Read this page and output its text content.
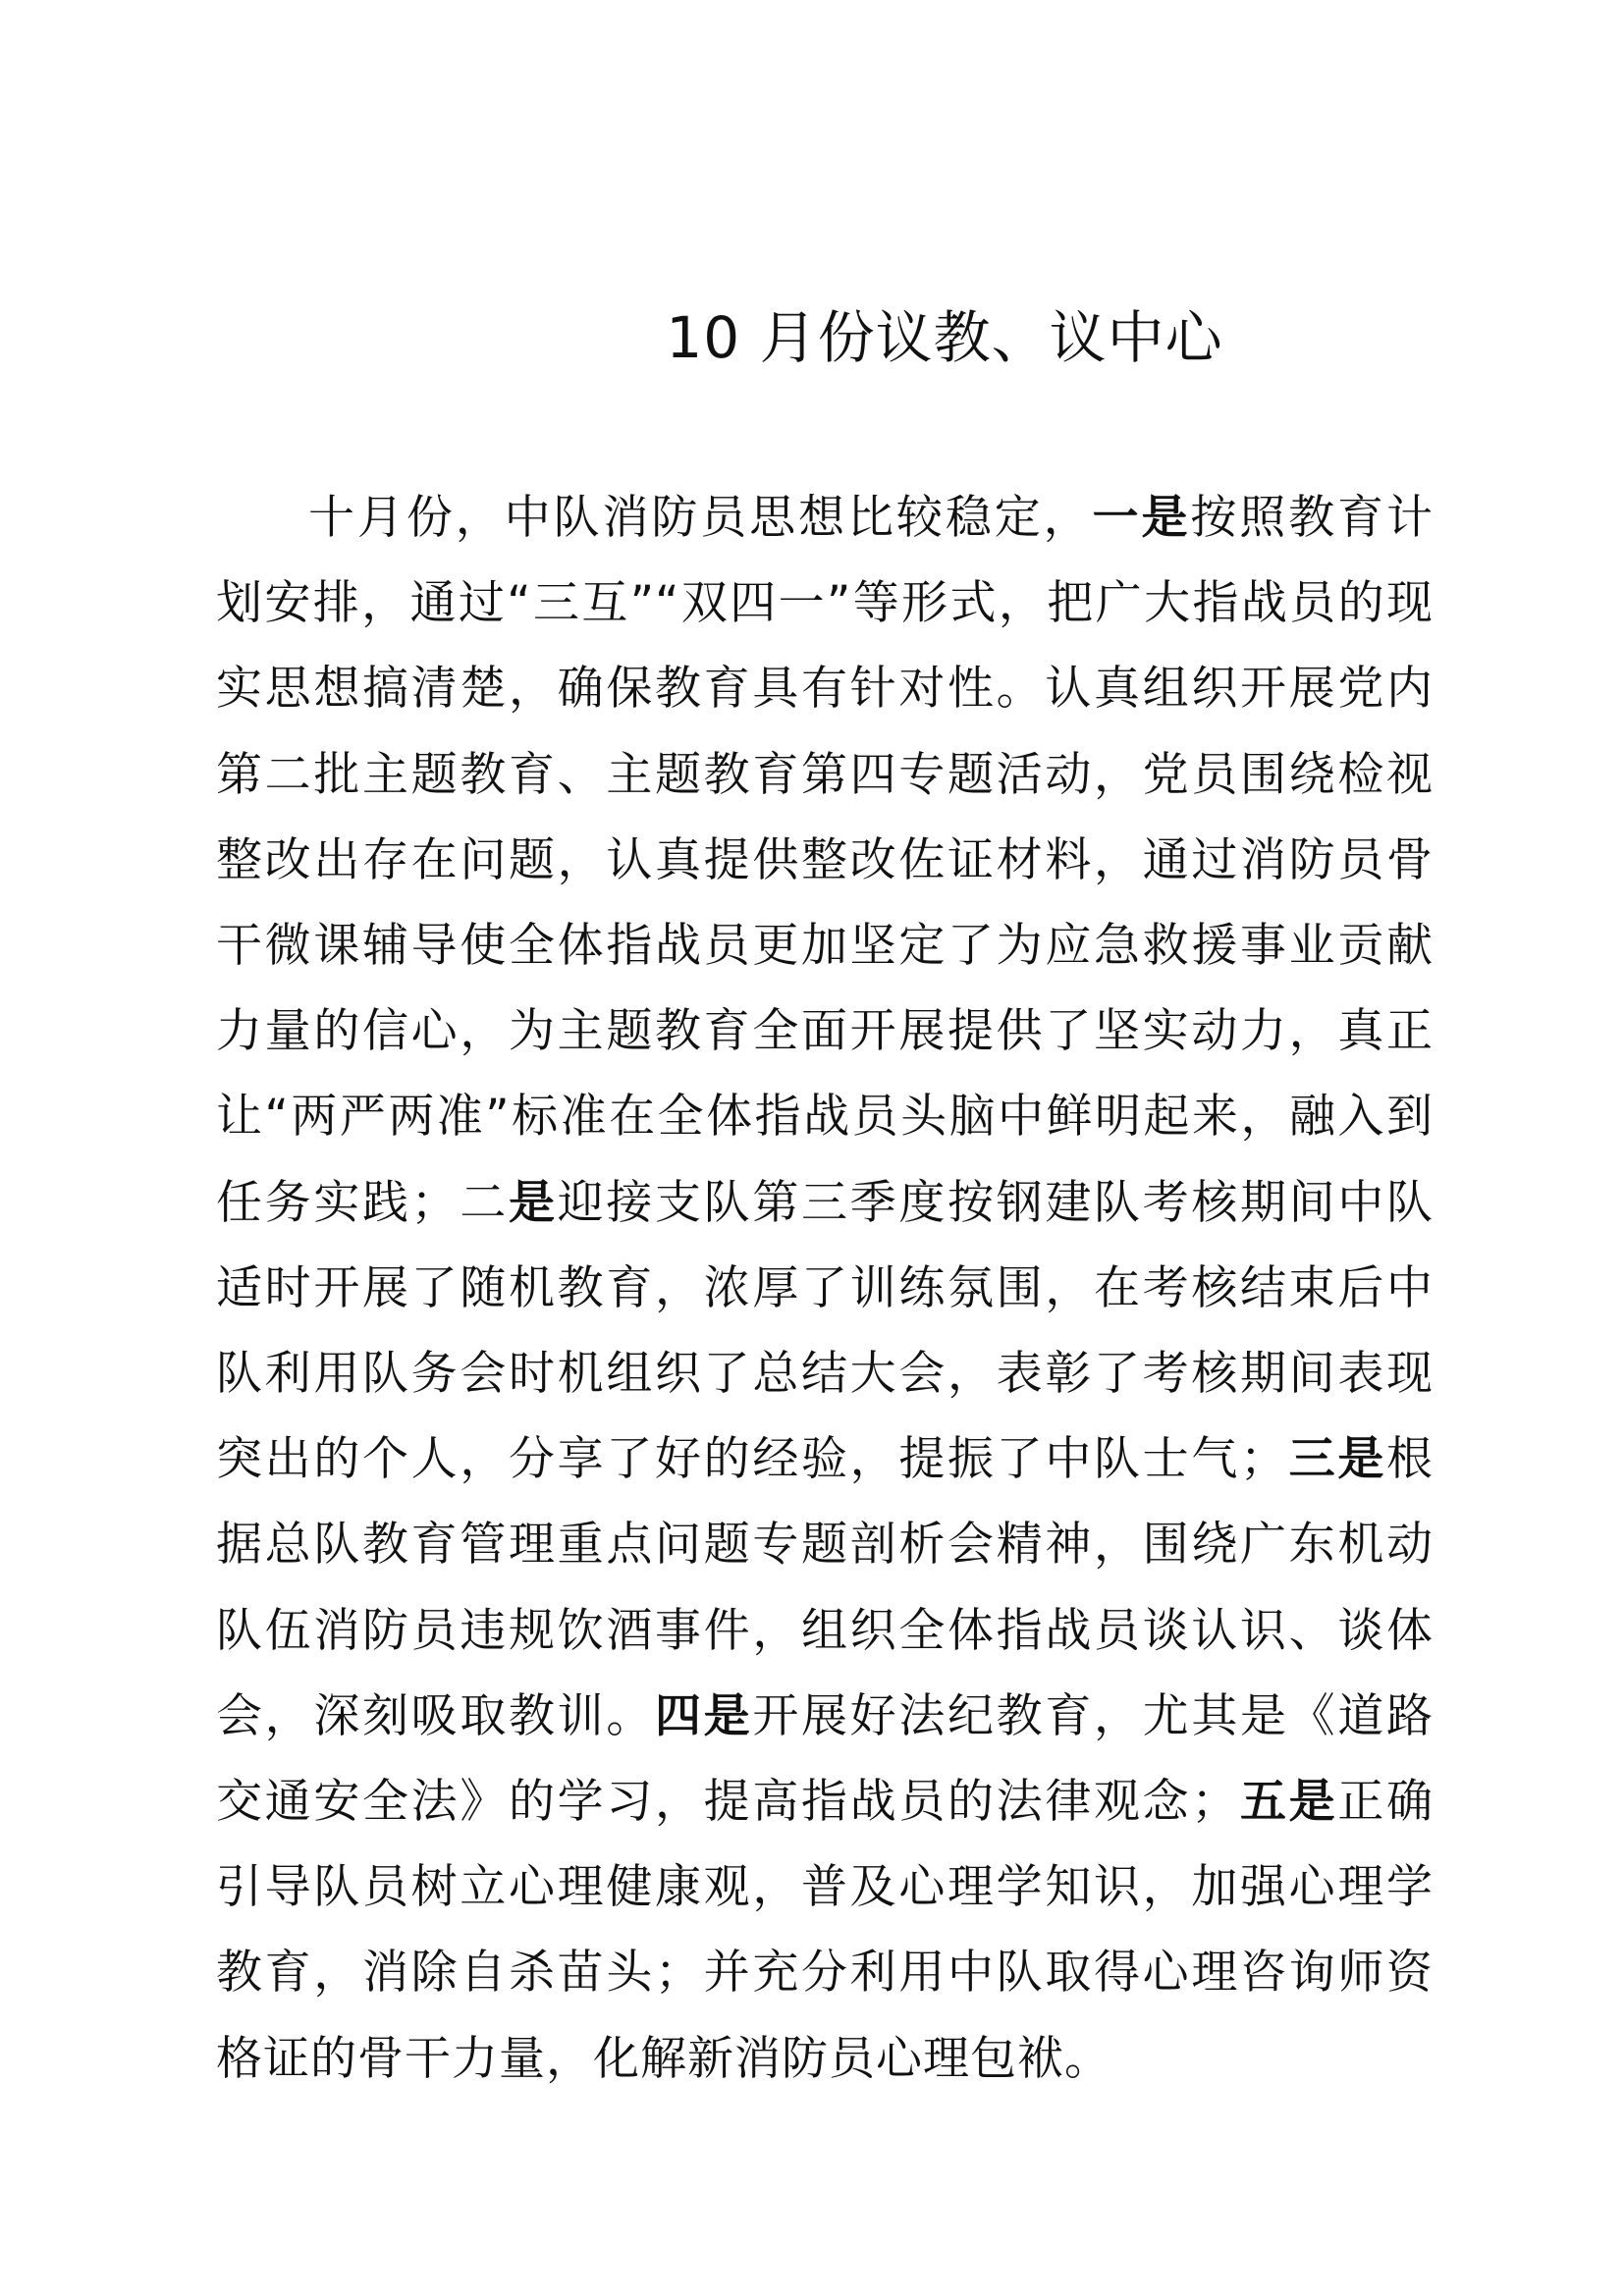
10 月份议教、议中心

十月份，中队消防员思想比较稳定，一是按照教育计划安排，通过“三互”“双四一”等形式，把广大指战员的现实思想搞清楚，确保教育具有针对性。认真组织开展党内第二批主题教育、主题教育第四专题活动，党员围绕检视整改出存在问题，认真提供整改佐证材料，通过消防员骨干微课辅导使全体指战员更加坚定了为应急救援事业贡献力量的信心，为主题教育全面开展提供了坚实动力，真正让“两严两准”标准在全体指战员头脑中鲜明起来，融入到任务实践；二是迎接支队第三季度按钢建队考核期间中队适时开展了随机教育，浓厚了训练氛围，在考核结束后中队利用队务会时机组织了总结大会，表彰了考核期间表现突出的个人，分享了好的经验，提振了中队士气；三是根据总队教育管理重点问题专题剖析会精神，围绕广东机动队伍消防员违规饮酒事件，组织全体指战员谈认识、谈体会，深刻吸取教训。四是开展好法纪教育，尤其是《道路交通安全法》的学习，提高指战员的法律观念；五是正确引导队员树立心理健康观，普及心理学知识，加强心理学教育，消除自杀苗头；并充分利用中队取得心理咨询师资格证的骨干力量，化解新消防员心理包袱。
